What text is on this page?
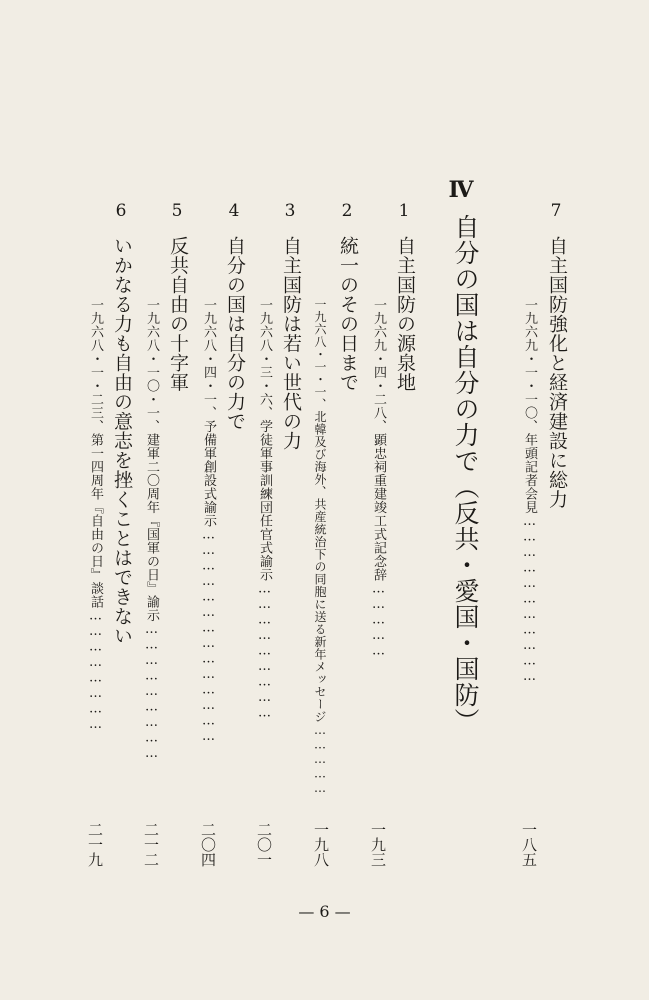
7
自主国防強化と経済建設に総力
一九六九・一・一〇、年頭記者会見……………………………
一八五
Ⅳ
自分の国は自分の力で（反共・愛国・国防）
1
自主国防の源泉地
一九六九・四・二八、顕忠祠重建竣工式記念辞……………
一九三
2
統一のその日まで
一九六八・一・一、北韓及び海外、共産統治下の同胞に送る新年メッセージ……………
一九八
3
自主国防は若い世代の力
一九六八・三・六、学徒軍事訓練団任官式諭示………………………
二〇一
4
自分の国は自分の力で
一九六八・四・一、予備軍創設式諭示……………………………………
二〇四
5
反共自由の十字軍
一九六八・一〇・一、建軍二〇周年『国軍の日』諭示………………………
二一二
6
いかなる力も自由の意志を挫くことはできない
一九六八・一・二三、第一四周年『自由の日』談話……………………
二一九
— 6 —
